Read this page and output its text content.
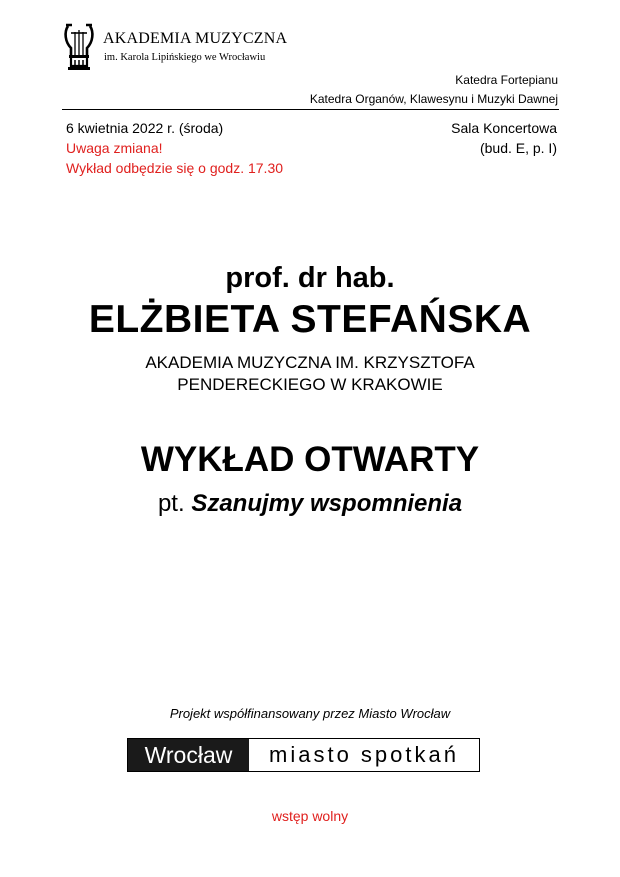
AKADEMIA MUZYCZNA
im. Karola Lipińskiego we Wrocławiu
Katedra Fortepianu
Katedra Organów, Klawesynu i Muzyki Dawnej
6 kwietnia 2022 r. (środa)
Uwaga zmiana!
Wykład odbędzie się o godz. 17.30
Sala Koncertowa
(bud. E, p. I)
prof. dr hab.
ELŻBIETA STEFAŃSKA
AKADEMIA MUZYCZNA IM. KRZYSZTOFA
PENDERECKIEGO W KRAKOWIE
WYKŁAD OTWARTY
pt. Szanujmy wspomnienia
Projekt współfinansowany przez Miasto Wrocław
Wrocław	miasto spotkań
wstęp wolny
